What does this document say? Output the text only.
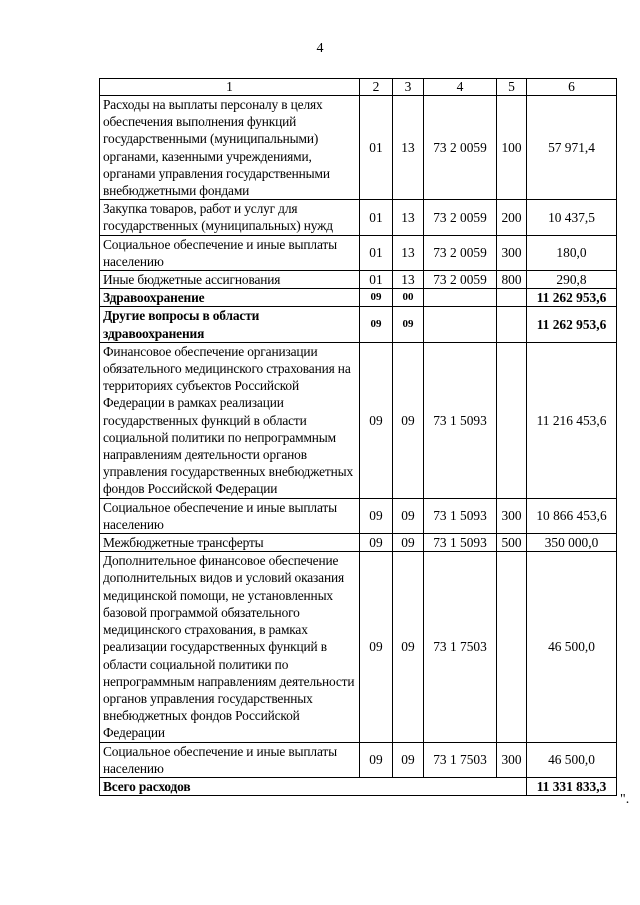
4
1	2	3	4	5	6
Расходы на выплаты персоналу в целях обеспечения выполнения функций государственными (муниципальными) органами, казенными учреждениями, органами управления государственными внебюджетными фондами	01	13	73 2 0059	100	57 971,4
Закупка товаров, работ и услуг для государственных (муниципальных) нужд	01	13	73 2 0059	200	10 437,5
Социальное обеспечение и иные выплаты населению	01	13	73 2 0059	300	180,0
Иные бюджетные ассигнования	01	13	73 2 0059	800	290,8
Здравоохранение	09	00			11 262 953,6
Другие вопросы в области здравоохранения	09	09			11 262 953,6
Финансовое обеспечение организации обязательного медицинского страхования на территориях субъектов Российской Федерации в рамках реализации государственных функций в области социальной политики по непрограммным направлениям деятельности органов управления государственных внебюджетных фондов Российской Федерации	09	09	73 1 5093		11 216 453,6
Социальное обеспечение и иные выплаты населению	09	09	73 1 5093	300	10 866 453,6
Межбюджетные трансферты	09	09	73 1 5093	500	350 000,0
Дополнительное финансовое обеспечение дополнительных видов и условий оказания медицинской помощи, не установленных базовой программой обязательного медицинского страхования, в рамках реализации государственных функций в области социальной политики по непрограммным направлениям деятельности органов управления государственных внебюджетных фондов Российской Федерации	09	09	73 1 7503		46 500,0
Социальное обеспечение и иные выплаты населению	09	09	73 1 7503	300	46 500,0
Всего расходов					11 331 833,3
".
